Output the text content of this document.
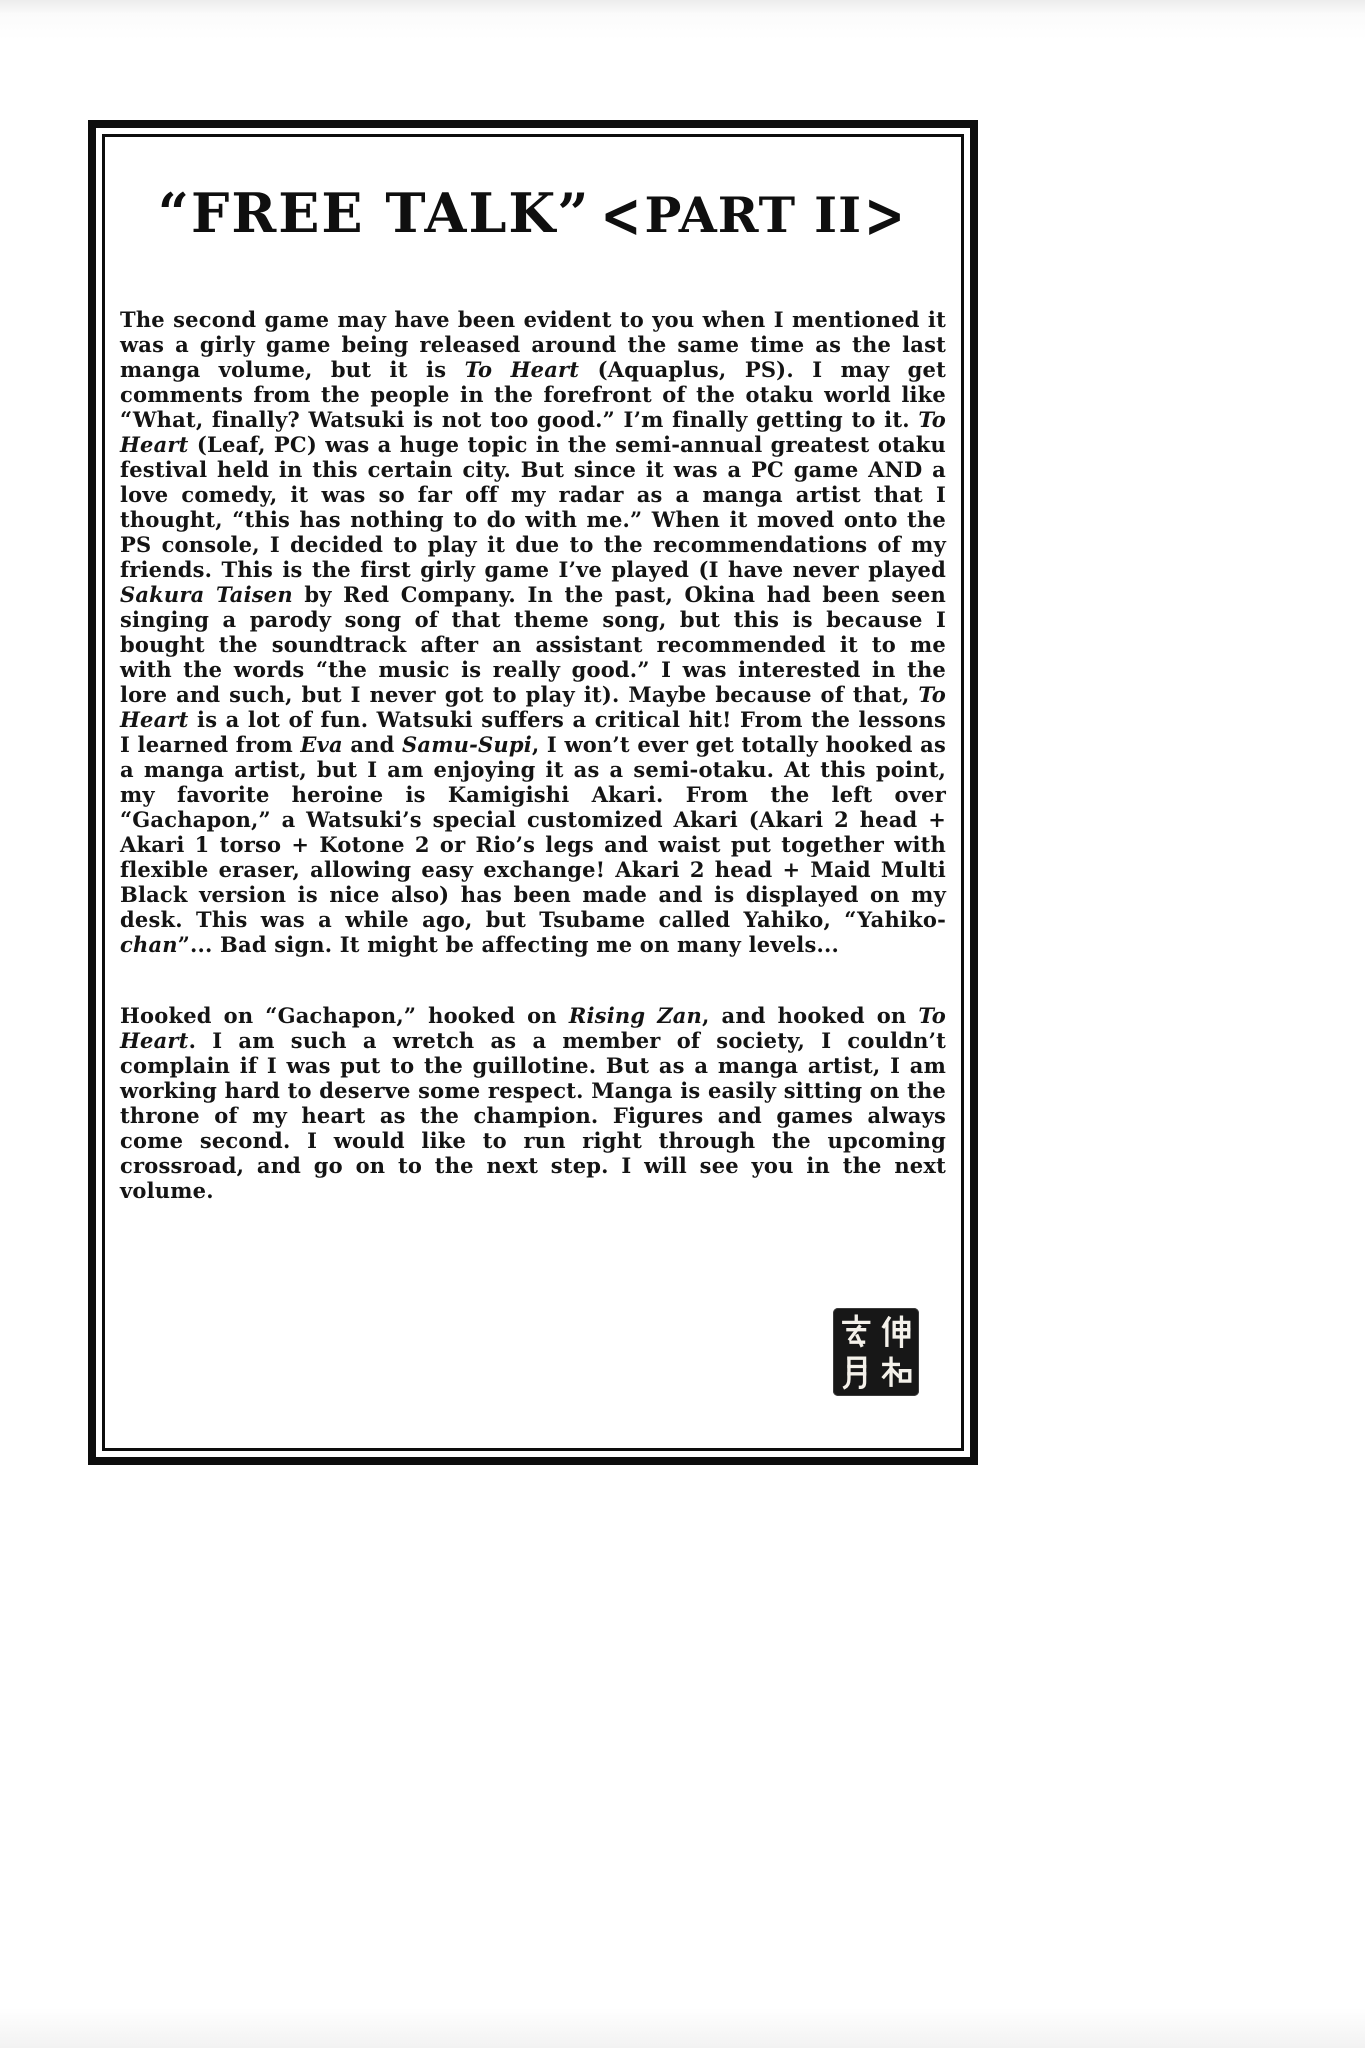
“FREE TALK” <PART II>

The second game may have been evident to you when I mentioned it was a girly game being released around the same time as the last manga volume, but it is To Heart (Aquaplus, PS). I may get comments from the people in the forefront of the otaku world like “What, finally? Watsuki is not too good.” I’m finally getting to it. To Heart (Leaf, PC) was a huge topic in the semi-annual greatest otaku festival held in this certain city. But since it was a PC game AND a love comedy, it was so far off my radar as a manga artist that I thought, “this has nothing to do with me.” When it moved onto the PS console, I decided to play it due to the recommendations of my friends. This is the first girly game I’ve played (I have never played Sakura Taisen by Red Company. In the past, Okina had been seen singing a parody song of that theme song, but this is because I bought the soundtrack after an assistant recommended it to me with the words “the music is really good.” I was interested in the lore and such, but I never got to play it). Maybe because of that, To Heart is a lot of fun. Watsuki suffers a critical hit! From the lessons I learned from Eva and Samu-Supi, I won’t ever get totally hooked as a manga artist, but I am enjoying it as a semi-otaku. At this point, my favorite heroine is Kamigishi Akari. From the left over “Gachapon,” a Watsuki’s special customized Akari (Akari 2 head + Akari 1 torso + Kotone 2 or Rio’s legs and waist put together with flexible eraser, allowing easy exchange! Akari 2 head + Maid Multi Black version is nice also) has been made and is displayed on my desk. This was a while ago, but Tsubame called Yahiko, “Yahiko-chan”... Bad sign. It might be affecting me on many levels...

Hooked on “Gachapon,” hooked on Rising Zan, and hooked on To Heart. I am such a wretch as a member of society, I couldn’t complain if I was put to the guillotine. But as a manga artist, I am working hard to deserve some respect. Manga is easily sitting on the throne of my heart as the champion. Figures and games always come second. I would like to run right through the upcoming crossroad, and go on to the next step. I will see you in the next volume.
